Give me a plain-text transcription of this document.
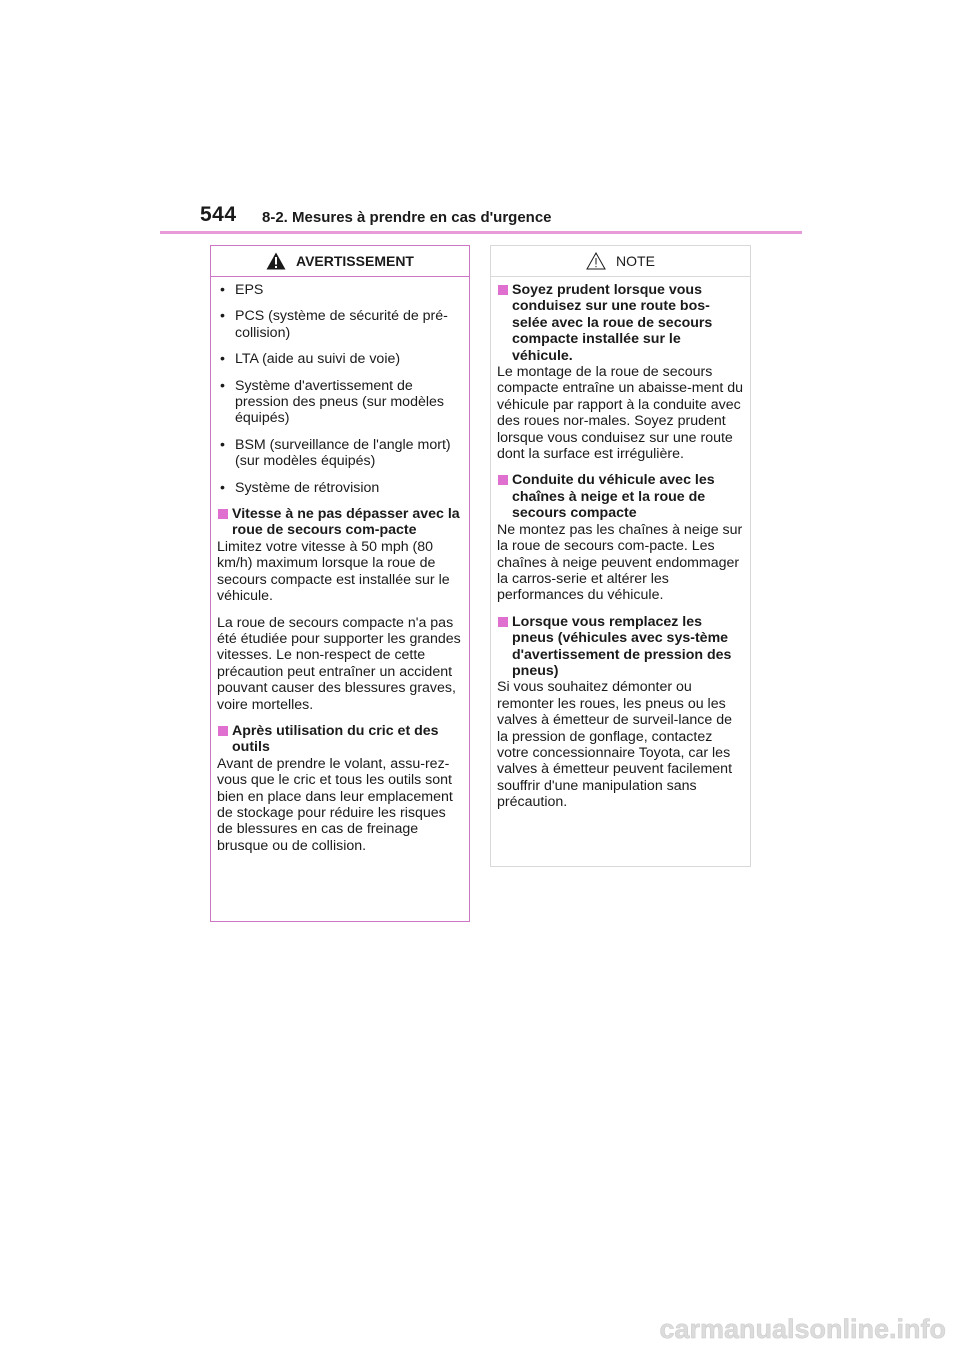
544 8-2. Mesures à prendre en cas d'urgence
AVERTISSEMENT
• EPS
• PCS (système de sécurité de pré-collision)
• LTA (aide au suivi de voie)
• Système d'avertissement de pression des pneus (sur modèles équipés)
• BSM (surveillance de l'angle mort) (sur modèles équipés)
• Système de rétrovision
Vitesse à ne pas dépasser avec la roue de secours com-pacte
Limitez votre vitesse à 50 mph (80 km/h) maximum lorsque la roue de secours compacte est installée sur le véhicule.
La roue de secours compacte n'a pas été étudiée pour supporter les grandes vitesses. Le non-respect de cette précaution peut entraîner un accident pouvant causer des blessures graves, voire mortelles.
Après utilisation du cric et des outils
Avant de prendre le volant, assu-rez-vous que le cric et tous les outils sont bien en place dans leur emplacement de stockage pour réduire les risques de blessures en cas de freinage brusque ou de collision.
NOTE
Soyez prudent lorsque vous conduisez sur une route bos-selée avec la roue de secours compacte installée sur le véhicule.
Le montage de la roue de secours compacte entraîne un abaisse-ment du véhicule par rapport à la conduite avec des roues nor-males. Soyez prudent lorsque vous conduisez sur une route dont la surface est irrégulière.
Conduite du véhicule avec les chaînes à neige et la roue de secours compacte
Ne montez pas les chaînes à neige sur la roue de secours com-pacte. Les chaînes à neige peuvent endommager la carros-serie et altérer les performances du véhicule.
Lorsque vous remplacez les pneus (véhicules avec sys-tème d'avertissement de pression des pneus)
Si vous souhaitez démonter ou remonter les roues, les pneus ou les valves à émetteur de surveil-lance de la pression de gonflage, contactez votre concessionnaire Toyota, car les valves à émetteur peuvent facilement souffrir d'une manipulation sans précaution.
carmanualsonline.info
